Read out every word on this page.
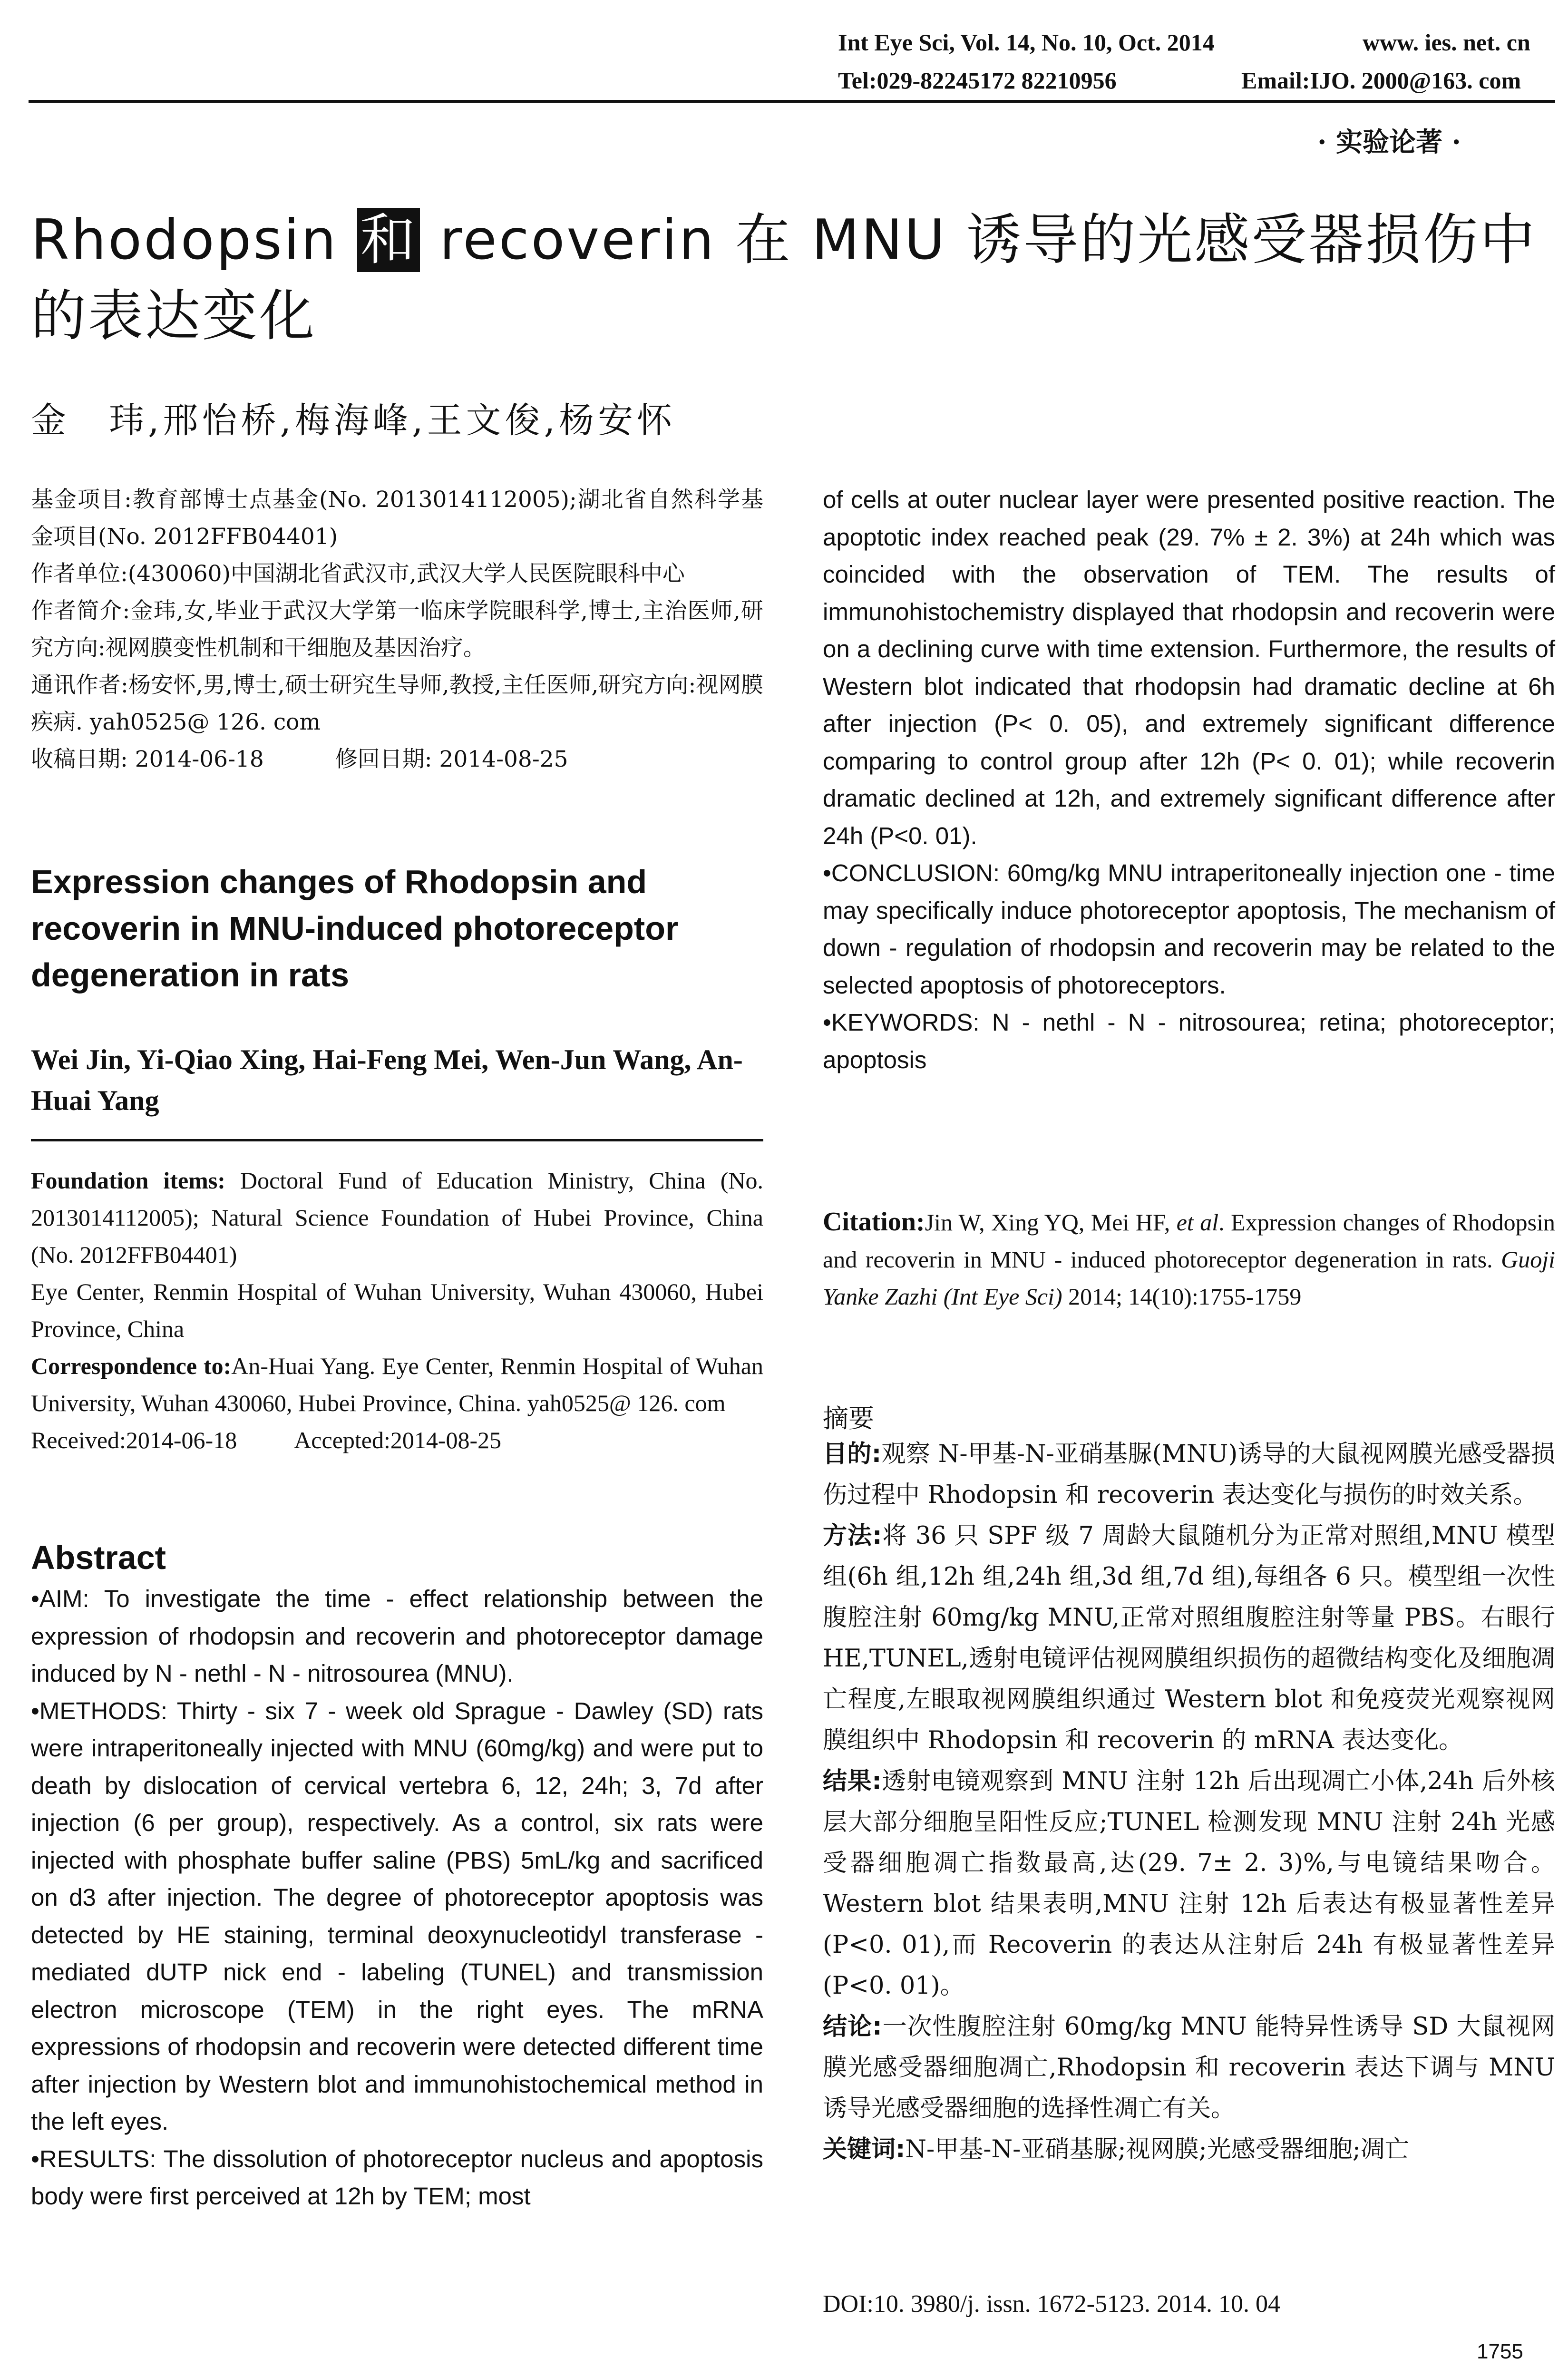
Int Eye Sci, Vol. 14, No. 10, Oct. 2014	www. ies. net. cn
Tel:029-82245172 82210956	Email:IJO. 2000@163. com
· 实验论著 ·
Rhodopsin 和 recoverin 在 MNU 诱导的光感受器损伤中的表达变化
金　玮,邢怡桥,梅海峰,王文俊,杨安怀

基金项目:教育部博士点基金(No. 2013014112005);湖北省自然科学基金项目(No. 2012FFB04401)

作者单位:(430060)中国湖北省武汉市,武汉大学人民医院眼科中心

作者简介:金玮,女,毕业于武汉大学第一临床学院眼科学,博士,主治医师,研究方向:视网膜变性机制和干细胞及基因治疗。

通讯作者:杨安怀,男,博士,硕士研究生导师,教授,主任医师,研究方向:视网膜疾病. yah0525@ 126. com

收稿日期: 2014-06-18	修回日期: 2014-08-25
Expression changes of Rhodopsin and recoverin in MNU-induced photoreceptor degeneration in rats
Wei Jin, Yi-Qiao Xing, Hai-Feng Mei, Wen-Jun Wang, An-Huai Yang

Foundation items: Doctoral Fund of Education Ministry, China (No. 2013014112005); Natural Science Foundation of Hubei Province, China (No. 2012FFB04401)

Eye Center, Renmin Hospital of Wuhan University, Wuhan 430060, Hubei Province, China

Correspondence to:An-Huai Yang. Eye Center, Renmin Hospital of Wuhan University, Wuhan 430060, Hubei Province, China. yah0525@ 126. com

Received:2014-06-18 Accepted:2014-08-25
Abstract

• AIM: To investigate the time - effect relationship between the expression of rhodopsin and recoverin and photoreceptor damage induced by N - nethl - N - nitrosourea (MNU).

• METHODS: Thirty - six 7 - week old Sprague - Dawley (SD) rats were intraperitoneally injected with MNU (60mg/kg) and were put to death by dislocation of cervical vertebra 6, 12, 24h; 3, 7d after injection (6 per group), respectively. As a control, six rats were injected with phosphate buffer saline (PBS) 5mL/kg and sacrificed on d3 after injection. The degree of photoreceptor apoptosis was detected by HE staining, terminal deoxynucleotidyl transferase - mediated dUTP nick end - labeling (TUNEL) and transmission electron microscope (TEM) in the right eyes. The mRNA expressions of rhodopsin and recoverin were detected different time after injection by Western blot and immunohistochemical method in the left eyes.

• RESULTS: The dissolution of photoreceptor nucleus and apoptosis body were first perceived at 12h by TEM; most

of cells at outer nuclear layer were presented positive reaction. The apoptotic index reached peak (29. 7% ± 2. 3%) at 24h which was coincided with the observation of TEM. The results of immunohistochemistry displayed that rhodopsin and recoverin were on a declining curve with time extension. Furthermore, the results of Western blot indicated that rhodopsin had dramatic decline at 6h after injection (P< 0. 05), and extremely significant difference comparing to control group after 12h (P< 0. 01); while recoverin dramatic declined at 12h, and extremely significant difference after 24h (P<0. 01).

• CONCLUSION: 60mg/kg MNU intraperitoneally injection one - time may specifically induce photoreceptor apoptosis, The mechanism of down - regulation of rhodopsin and recoverin may be related to the selected apoptosis of photoreceptors.

• KEYWORDS: N - nethl - N - nitrosourea; retina; photoreceptor; apoptosis

Citation:Jin W, Xing YQ, Mei HF, et al. Expression changes of Rhodopsin and recoverin in MNU - induced photoreceptor degeneration in rats. Guoji Yanke Zazhi (Int Eye Sci) 2014; 14(10):1755-1759
摘要

目的:观察 N-甲基-N-亚硝基脲(MNU)诱导的大鼠视网膜光感受器损伤过程中 Rhodopsin 和 recoverin 表达变化与损伤的时效关系。

方法:将 36 只 SPF 级 7 周龄大鼠随机分为正常对照组,MNU 模型组(6h 组,12h 组,24h 组,3d 组,7d 组),每组各 6 只。模型组一次性腹腔注射 60mg/kg MNU,正常对照组腹腔注射等量 PBS。右眼行 HE,TUNEL,透射电镜评估视网膜组织损伤的超微结构变化及细胞凋亡程度,左眼取视网膜组织通过 Western blot 和免疫荧光观察视网膜组织中 Rhodopsin 和 recoverin 的 mRNA 表达变化。

结果:透射电镜观察到 MNU 注射 12h 后出现凋亡小体,24h 后外核层大部分细胞呈阳性反应;TUNEL 检测发现 MNU 注射 24h 光感受器细胞凋亡指数最高,达(29. 7± 2. 3)%,与电镜结果吻合。Western blot 结果表明,MNU 注射 12h 后表达有极显著性差异(P<0. 01),而 Recoverin 的表达从注射后 24h 有极显著性差异(P<0. 01)。

结论:一次性腹腔注射 60mg/kg MNU 能特异性诱导 SD 大鼠视网膜光感受器细胞凋亡,Rhodopsin 和 recoverin 表达下调与 MNU 诱导光感受器细胞的选择性凋亡有关。

关键词:N-甲基-N-亚硝基脲;视网膜;光感受器细胞;凋亡

DOI:10. 3980/j. issn. 1672-5123. 2014. 10. 04
1755
